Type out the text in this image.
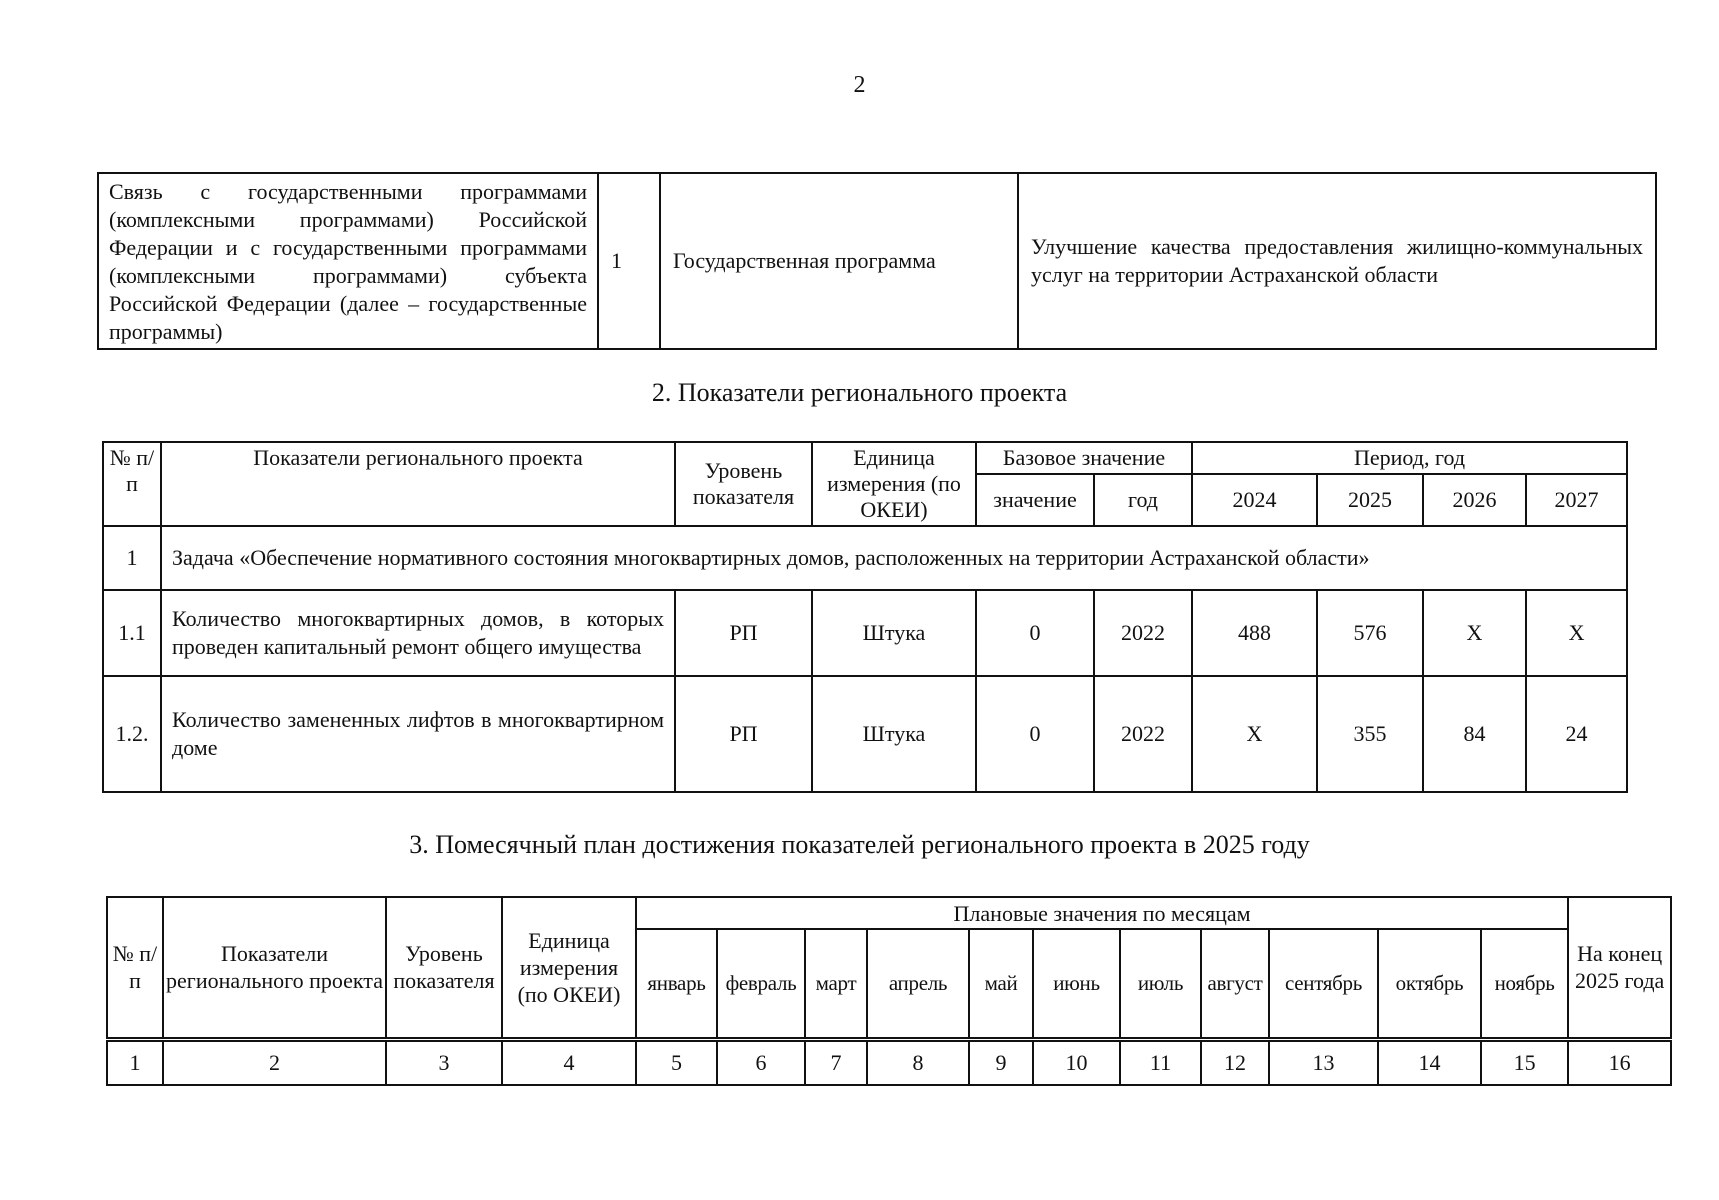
2
Связь с государственными программами (комплексными программами) Российской Федерации и с государственными программами (комплексными программами) субъекта Российской Федерации (далее – государственные программы)	1	Государственная программа	Улучшение качества предоставления жилищно-коммунальных услуг на территории Астраханской области
2. Показатели регионального проекта
№ п/п	Показатели регионального проекта	Уровень показателя	Единица измерения (по ОКЕИ)	Базовое значение		Период, год			
				значение	год	2024	2025	2026	2027
1	Задача «Обеспечение нормативного состояния многоквартирных домов, расположенных на территории Астраханской области»								
1.1	Количество многоквартирных домов, в которых проведен капитальный ремонт общего имущества	РП	Штука	0	2022	488	576	X	X
1.2.	Количество замененных лифтов в многоквартирном доме	РП	Штука	0	2022	X	355	84	24
3. Помесячный план достижения показателей регионального проекта в 2025 году
№ п/п	Показатели регионального проекта	Уровень показателя	Единица измерения (по ОКЕИ)	Плановые значения по месяцам											На конец 2025 года
				январь	февраль	март	апрель	май	июнь	июль	август	сентябрь	октябрь	ноябрь	
1	2	3	4	5	6	7	8	9	10	11	12	13	14	15	16
